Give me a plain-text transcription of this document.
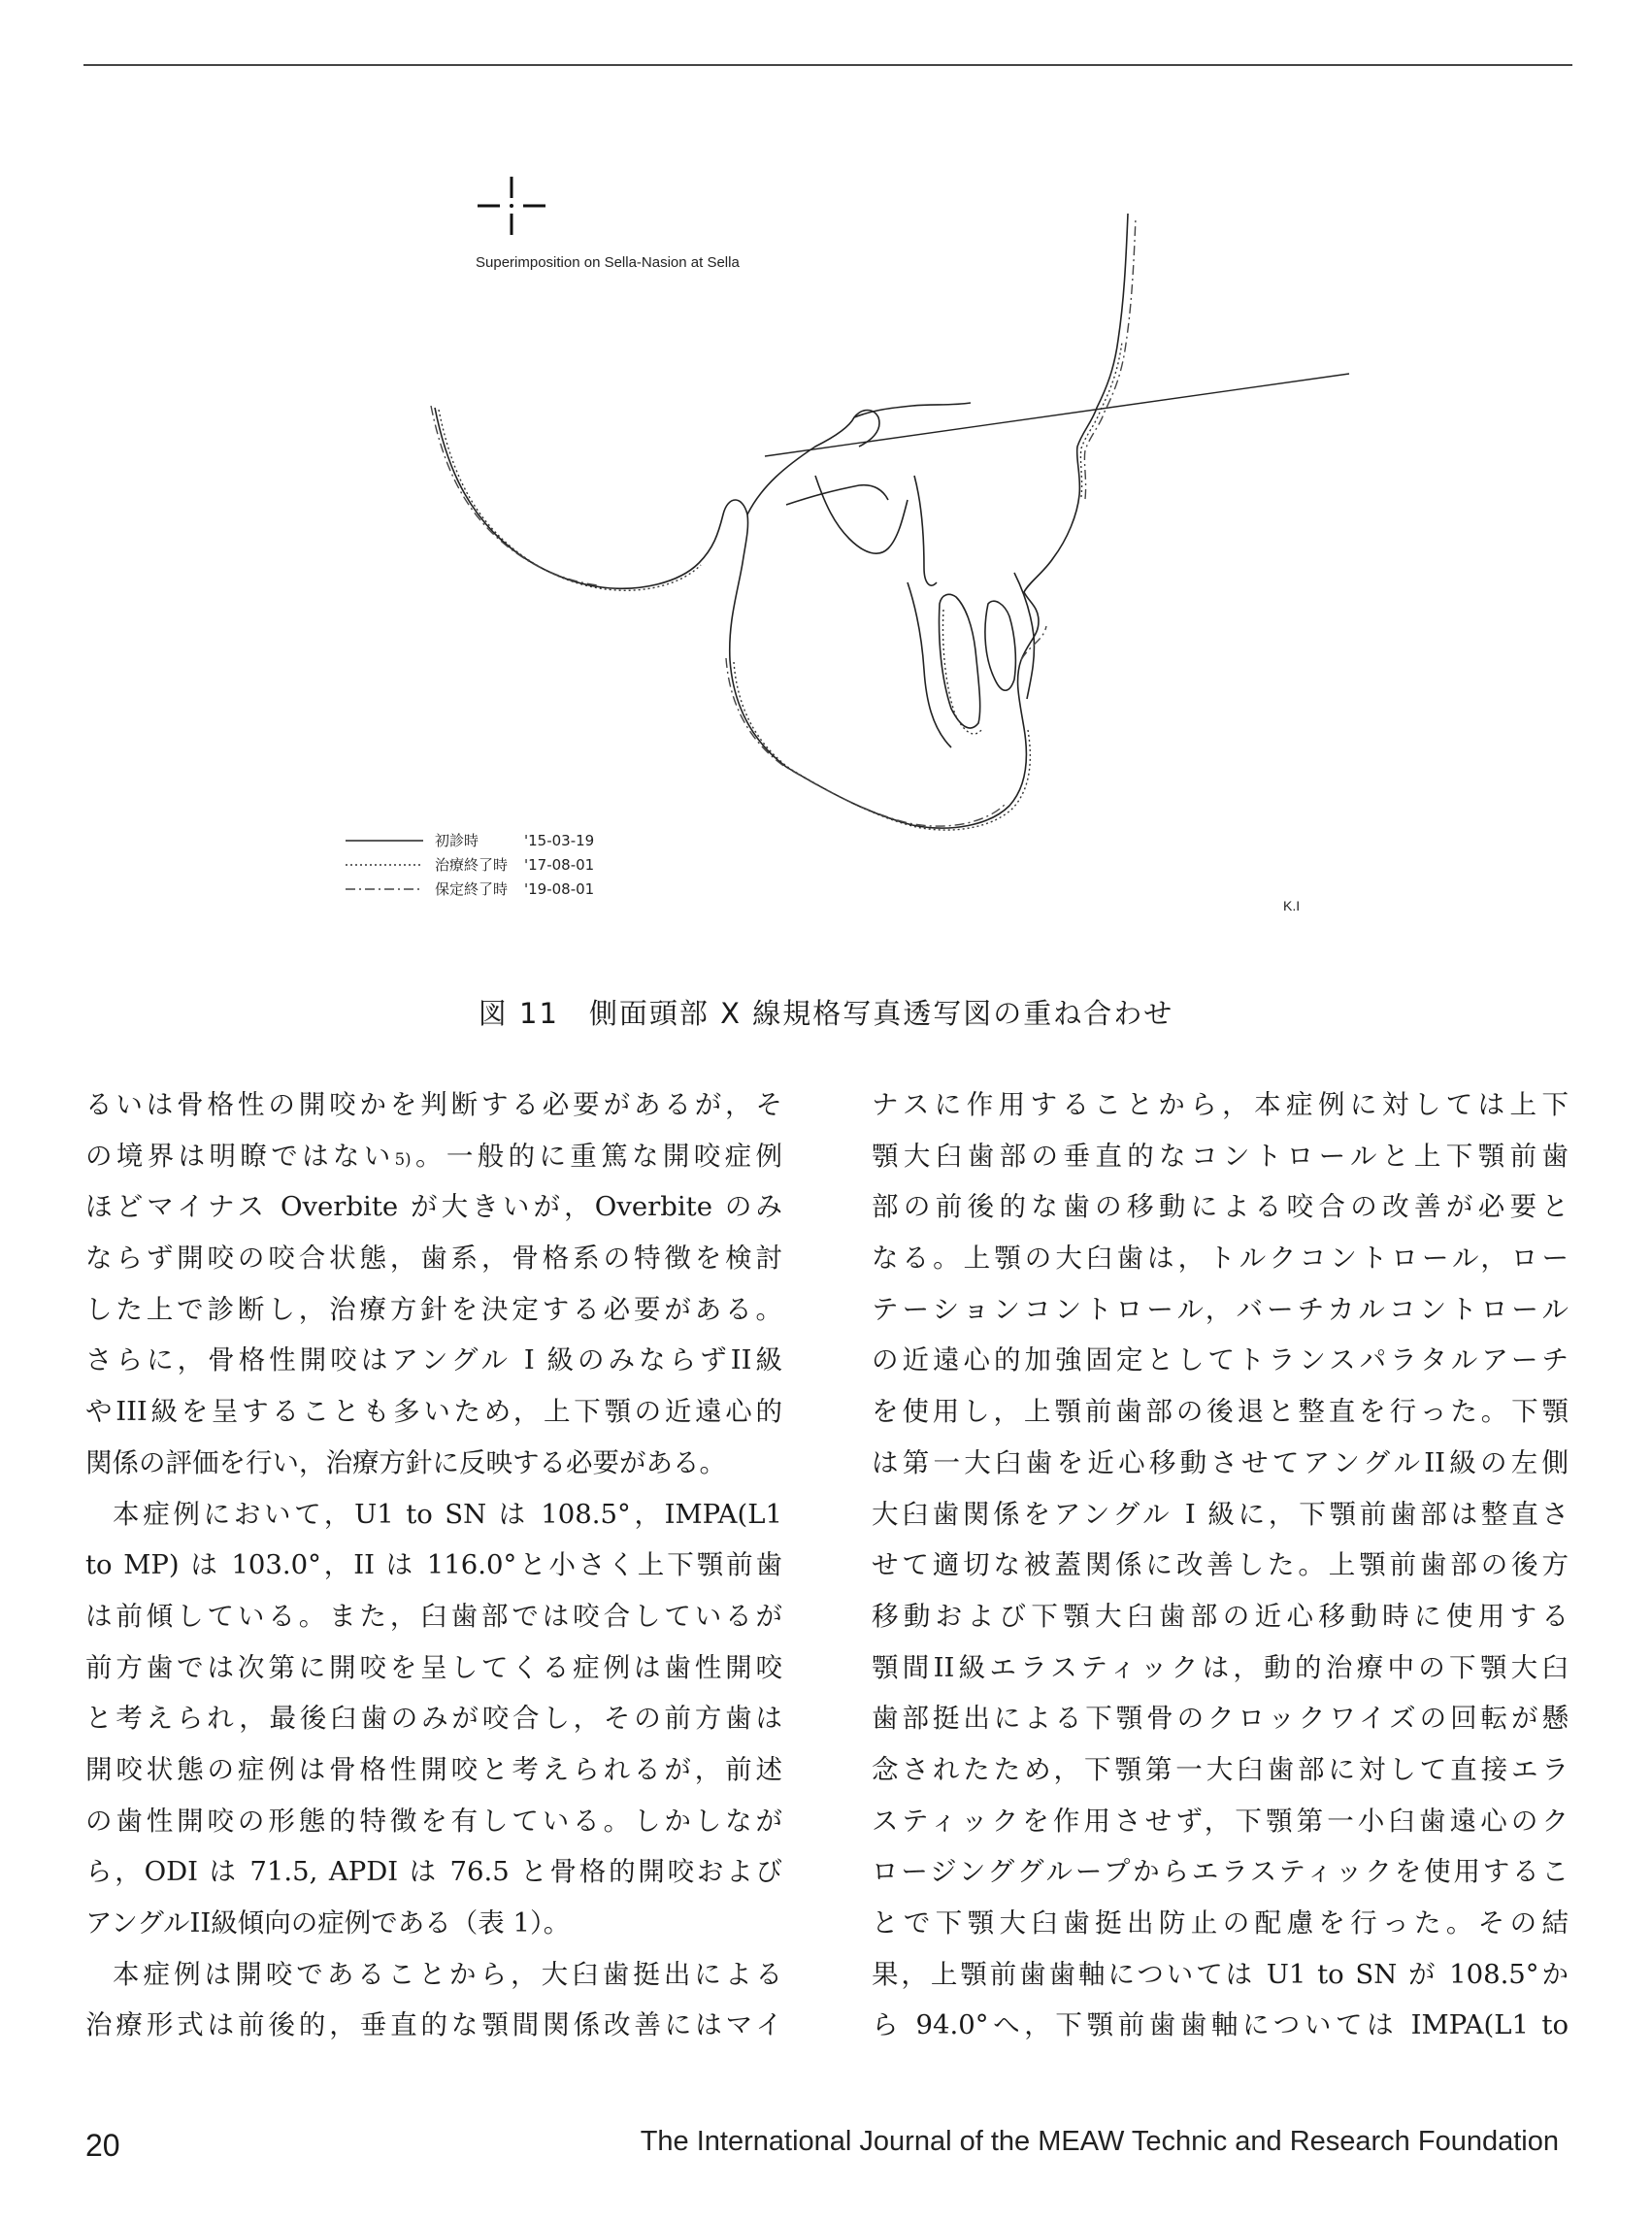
Superimposition on Sella-Nasion at Sella
初診時	'15-03-19
治療終了時 '17-08-01
保定終了時 '19-08-01
K.I
図 11　側面頭部 X 線規格写真透写図の重ね合わせ
るいは骨格性の開咬かを判断する必要があるが，そ
の境界は明瞭ではない$^{5)}$。一般的に重篤な開咬症例
ほどマイナス Overbite が大きいが，Overbite のみ
ならず開咬の咬合状態，歯系，骨格系の特徴を検討
した上で診断し，治療方針を決定する必要がある。
さらに，骨格性開咬はアングル I 級のみならずII級
やIII級を呈することも多いため，上下顎の近遠心的
関係の評価を行い，治療方針に反映する必要がある。
本症例において，U1 to SN は 108.5°，IMPA(L1
to MP) は 103.0°，II は 116.0°と小さく上下顎前歯
は前傾している。また，臼歯部では咬合しているが
前方歯では次第に開咬を呈してくる症例は歯性開咬
と考えられ，最後臼歯のみが咬合し，その前方歯は
開咬状態の症例は骨格性開咬と考えられるが，前述
の歯性開咬の形態的特徴を有している。しかしなが
ら，ODI は 71.5, APDI は 76.5 と骨格的開咬および
アングルII級傾向の症例である（表 1）。
本症例は開咬であることから，大臼歯挺出による
治療形式は前後的，垂直的な顎間関係改善にはマイ
ナスに作用することから，本症例に対しては上下
顎大臼歯部の垂直的なコントロールと上下顎前歯
部の前後的な歯の移動による咬合の改善が必要と
なる。上顎の大臼歯は，トルクコントロール，ロー
テーションコントロール，バーチカルコントロール
の近遠心的加強固定としてトランスパラタルアーチ
を使用し，上顎前歯部の後退と整直を行った。下顎
は第一大臼歯を近心移動させてアングルII級の左側
大臼歯関係をアングル I 級に，下顎前歯部は整直さ
せて適切な被蓋関係に改善した。上顎前歯部の後方
移動および下顎大臼歯部の近心移動時に使用する
顎間II級エラスティックは，動的治療中の下顎大臼
歯部挺出による下顎骨のクロックワイズの回転が懸
念されたため，下顎第一大臼歯部に対して直接エラ
スティックを作用させず，下顎第一小臼歯遠心のク
ロージンググループからエラスティックを使用するこ
とで下顎大臼歯挺出防止の配慮を行った。その結
果，上顎前歯歯軸については U1 to SN が 108.5°か
ら 94.0°へ，下顎前歯歯軸については IMPA(L1 to
20	The International Journal of the MEAW Technic and Research Foundation
